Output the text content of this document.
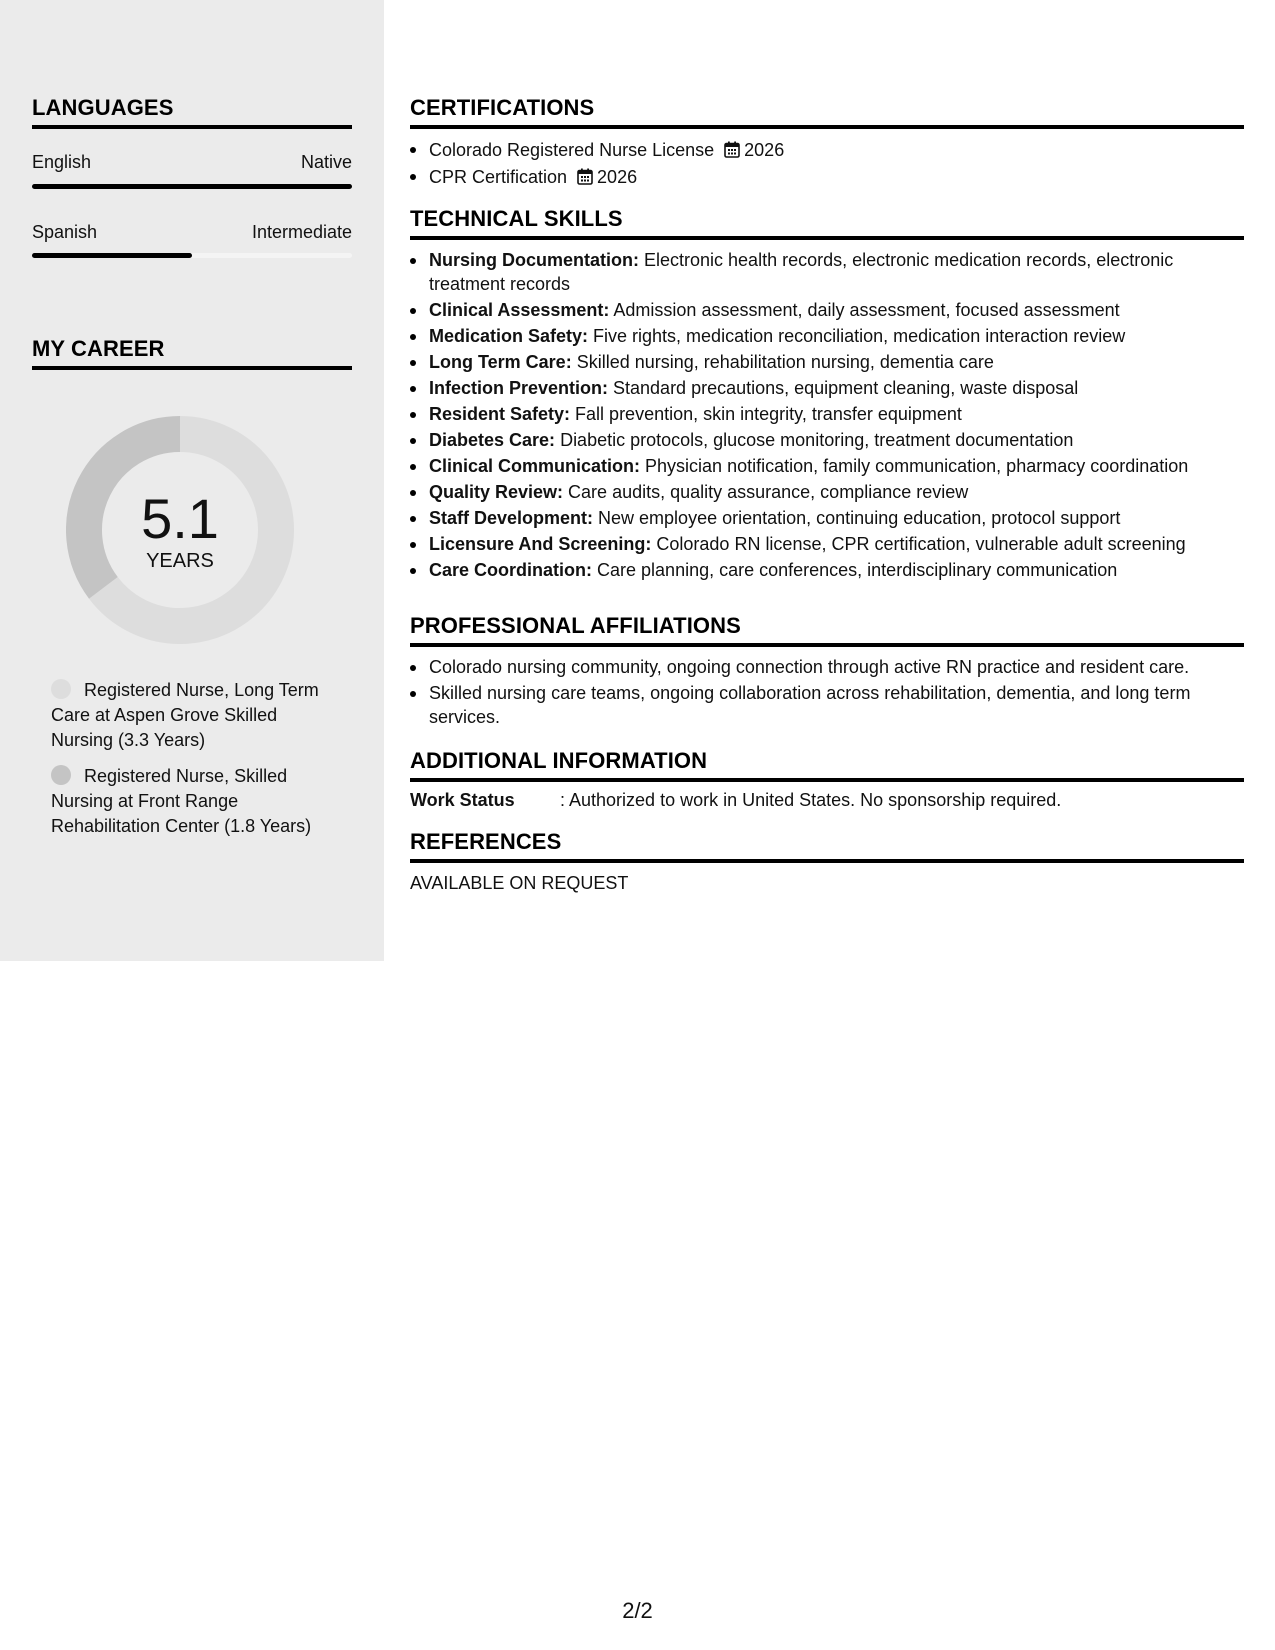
LANGUAGES
English	Native
Spanish	Intermediate
MY CAREER
5.1
YEARS
Registered Nurse, Long Term Care at Aspen Grove Skilled Nursing (3.3 Years)
Registered Nurse, Skilled Nursing at Front Range Rehabilitation Center (1.8 Years)
CERTIFICATIONS
Colorado Registered Nurse License 2026
CPR Certification 2026
TECHNICAL SKILLS
Nursing Documentation: Electronic health records, electronic medication records, electronic treatment records
Clinical Assessment: Admission assessment, daily assessment, focused assessment
Medication Safety: Five rights, medication reconciliation, medication interaction review
Long Term Care: Skilled nursing, rehabilitation nursing, dementia care
Infection Prevention: Standard precautions, equipment cleaning, waste disposal
Resident Safety: Fall prevention, skin integrity, transfer equipment
Diabetes Care: Diabetic protocols, glucose monitoring, treatment documentation
Clinical Communication: Physician notification, family communication, pharmacy coordination
Quality Review: Care audits, quality assurance, compliance review
Staff Development: New employee orientation, continuing education, protocol support
Licensure And Screening: Colorado RN license, CPR certification, vulnerable adult screening
Care Coordination: Care planning, care conferences, interdisciplinary communication
PROFESSIONAL AFFILIATIONS
Colorado nursing community, ongoing connection through active RN practice and resident care.
Skilled nursing care teams, ongoing collaboration across rehabilitation, dementia, and long term services.
ADDITIONAL INFORMATION
Work Status	: Authorized to work in United States. No sponsorship required.
REFERENCES
AVAILABLE ON REQUEST
2/2
